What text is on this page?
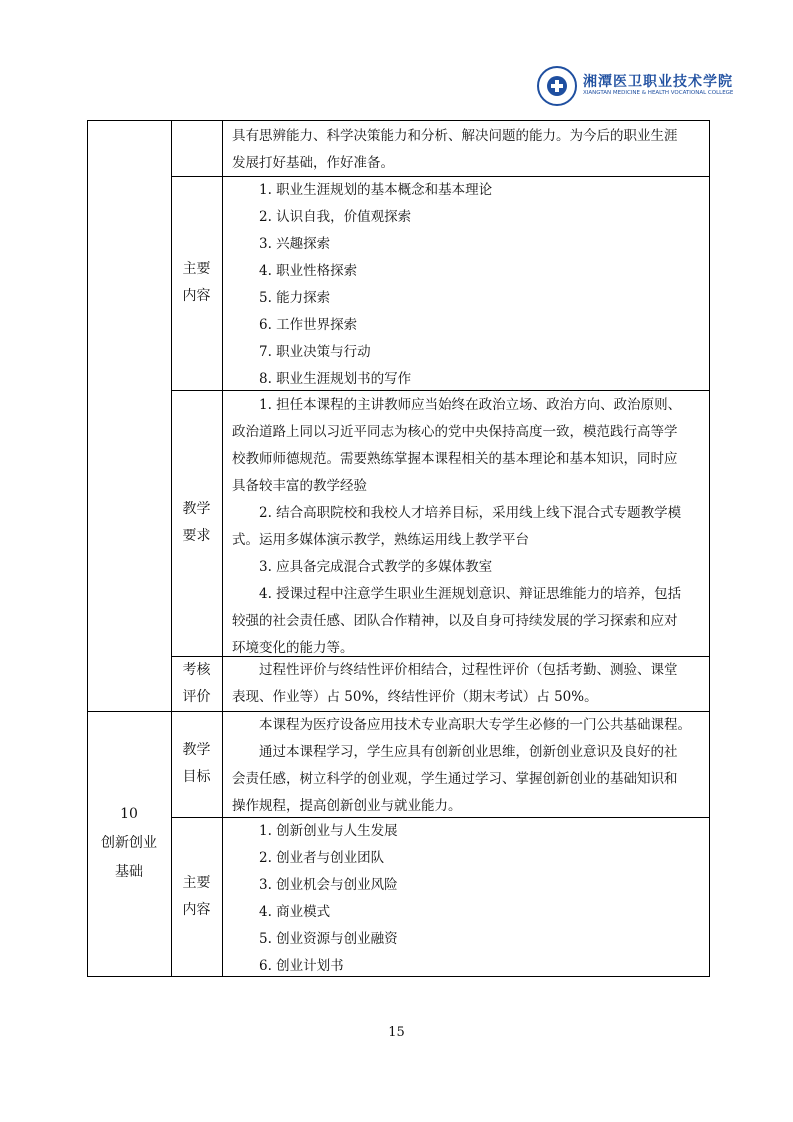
湘潭医卫职业技术学院
XIANGTAN MEDICINE & HEALTH VOCATIONAL COLLEGE

具有思辨能力、科学决策能力和分析、解决问题的能力。为今后的职业生涯

发展打好基础，作好准备。

主要
内容

1. 职业生涯规划的基本概念和基本理论

2. 认识自我，价值观探索

3. 兴趣探索

4. 职业性格探索

5. 能力探索

6. 工作世界探索

7. 职业决策与行动

8. 职业生涯规划书的写作

教学
要求

1. 担任本课程的主讲教师应当始终在政治立场、政治方向、政治原则、

政治道路上同以习近平同志为核心的党中央保持高度一致，模范践行高等学

校教师师德规范。需要熟练掌握本课程相关的基本理论和基本知识，同时应

具备较丰富的教学经验

2. 结合高职院校和我校人才培养目标，采用线上线下混合式专题教学模

式。运用多媒体演示教学，熟练运用线上教学平台

3. 应具备完成混合式教学的多媒体教室

4. 授课过程中注意学生职业生涯规划意识、辩证思维能力的培养，包括

较强的社会责任感、团队合作精神，以及自身可持续发展的学习探索和应对

环境变化的能力等。

考核
评价

过程性评价与终结性评价相结合，过程性评价（包括考勤、测验、课堂

表现、作业等）占 50%，终结性评价（期末考试）占 50%。

10
创新创业
基础
教学
目标

本课程为医疗设备应用技术专业高职大专学生必修的一门公共基础课程。

通过本课程学习，学生应具有创新创业思维，创新创业意识及良好的社

会责任感，树立科学的创业观，学生通过学习、掌握创新创业的基础知识和

操作规程，提高创新创业与就业能力。

主要
内容

1. 创新创业与人生发展

2. 创业者与创业团队

3. 创业机会与创业风险

4. 商业模式

5. 创业资源与创业融资

6. 创业计划书

15
